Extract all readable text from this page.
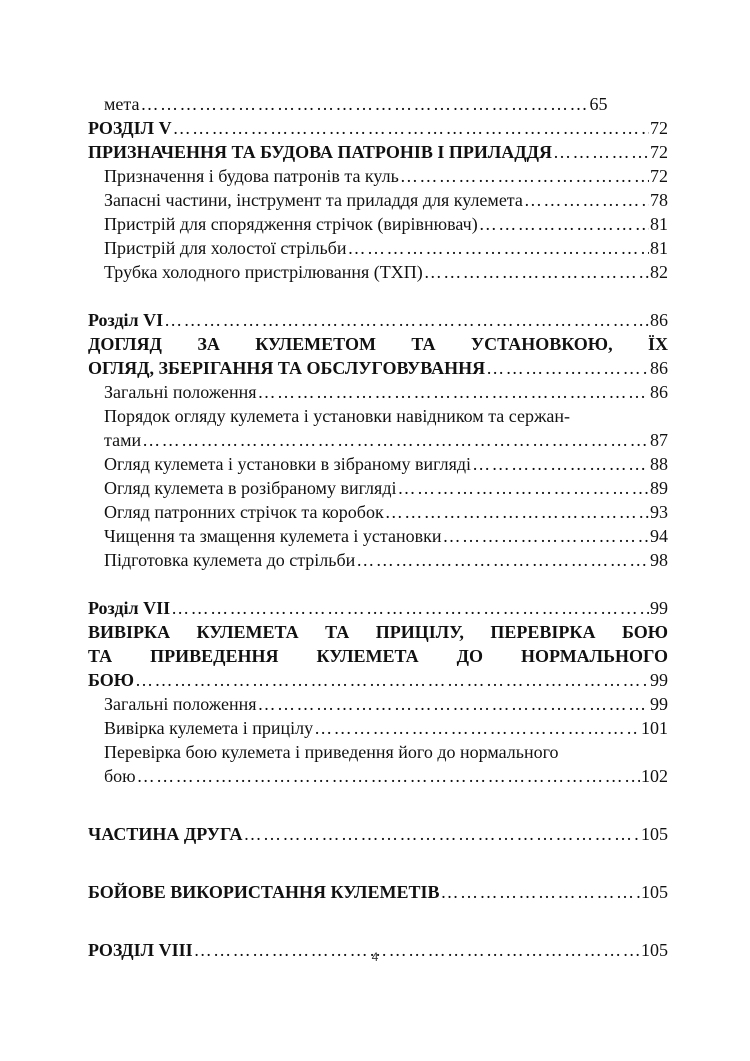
мета ……………………………………………………………………………………………………………………………………………………	65
РОЗДІЛ V ……………………………………………………………………………………………………………………………………………………	72
ПРИЗНАЧЕННЯ ТА БУДОВА ПАТРОНІВ І ПРИЛАДДЯ ……………………………………………………………………………………………………………………………………………………	72
Призначення і будова патронів та куль ……………………………………………………………………………………………………………………………………………………	72
Запасні частини, інструмент та приладдя для кулемета ……………………………………………………………………………………………………………………………………………………	78
Пристрій для спорядження стрічок (вирівнювач) ……………………………………………………………………………………………………………………………………………………	81
Пристрій для холостої стрільби ……………………………………………………………………………………………………………………………………………………	81
Трубка холодного пристрілювання (ТХП) ……………………………………………………………………………………………………………………………………………………	82
Розділ VI ……………………………………………………………………………………………………………………………………………………	86
ДОГЛЯД ЗА КУЛЕМЕТОМ ТА УСТАНОВКОЮ, ЇХ
ОГЛЯД, ЗБЕРІГАННЯ ТА ОБСЛУГОВУВАННЯ ……………………………………………………………………………………………………………………………………………………	86
Загальні положення ……………………………………………………………………………………………………………………………………………………	86
Порядок огляду кулемета і установки навідником та сержан-
тами ……………………………………………………………………………………………………………………………………………………	87
Огляд кулемета і установки в зібраному вигляді ……………………………………………………………………………………………………………………………………………………	88
Огляд кулемета в розібраному вигляді ……………………………………………………………………………………………………………………………………………………	89
Огляд патронних стрічок та коробок ……………………………………………………………………………………………………………………………………………………	93
Чищення та змащення кулемета і установки ……………………………………………………………………………………………………………………………………………………	94
Підготовка кулемета до стрільби ……………………………………………………………………………………………………………………………………………………	98
Розділ VII ……………………………………………………………………………………………………………………………………………………	99
ВИВІРКА КУЛЕМЕТА ТА ПРИЦІЛУ, ПЕРЕВІРКА БОЮ
ТА ПРИВЕДЕННЯ КУЛЕМЕТА ДО НОРМАЛЬНОГО
БОЮ ……………………………………………………………………………………………………………………………………………………	99
Загальні положення ……………………………………………………………………………………………………………………………………………………	99
Вивірка кулемета і прицілу ……………………………………………………………………………………………………………………………………………………	101
Перевірка бою кулемета і приведення його до нормального
бою ……………………………………………………………………………………………………………………………………………………	102
ЧАСТИНА ДРУГА ……………………………………………………………………………………………………………………………………………………	105
БОЙОВЕ ВИКОРИСТАННЯ КУЛЕМЕТІВ ……………………………………………………………………………………………………………………………………………………	105
РОЗДІЛ VIII ……………………………………………………………………………………………………………………………………………………	105
4
